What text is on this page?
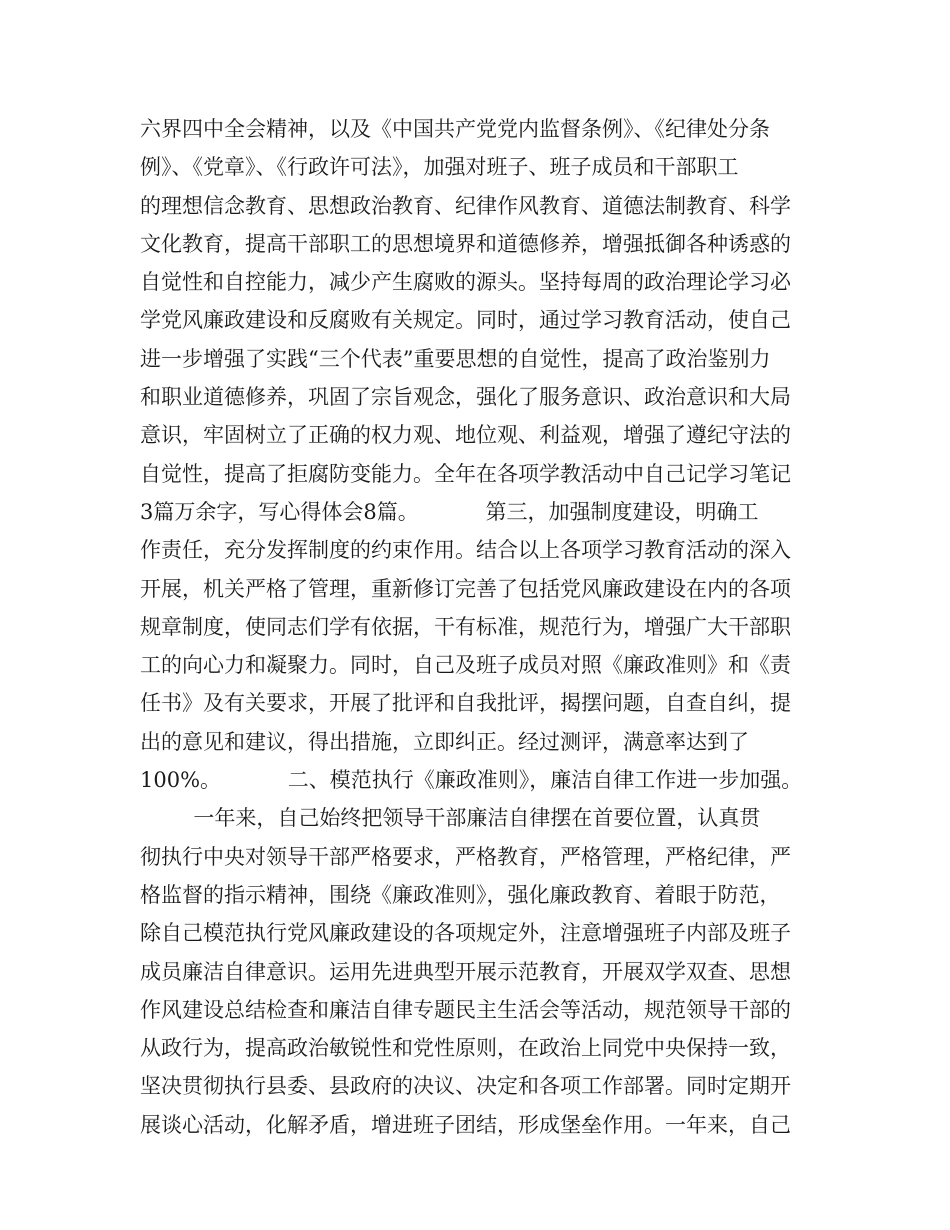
六界四中全会精神，以及《中国共产党党内监督条例》、《纪律处分条
例》、《党章》、《行政许可法》，加强对班子、班子成员和干部职工
的理想信念教育、思想政治教育、纪律作风教育、道德法制教育、科学
文化教育，提高干部职工的思想境界和道德修养，增强抵御各种诱惑的
自觉性和自控能力，减少产生腐败的源头。坚持每周的政治理论学习必
学党风廉政建设和反腐败有关规定。同时，通过学习教育活动，使自己
进一步增强了实践“三个代表”重要思想的自觉性，提高了政治鉴别力
和职业道德修养，巩固了宗旨观念，强化了服务意识、政治意识和大局
意识，牢固树立了正确的权力观、地位观、利益观，增强了遵纪守法的
自觉性，提高了拒腐防变能力。全年在各项学教活动中自己记学习笔记
3篇万余字，写心得体会8篇。          第三，加强制度建设，明确工
作责任，充分发挥制度的约束作用。结合以上各项学习教育活动的深入
开展，机关严格了管理，重新修订完善了包括党风廉政建设在内的各项
规章制度，使同志们学有依据，干有标准，规范行为，增强广大干部职
工的向心力和凝聚力。同时，自己及班子成员对照《廉政准则》和《责
任书》及有关要求，开展了批评和自我批评，揭摆问题，自查自纠，提
出的意见和建议，得出措施，立即纠正。经过测评，满意率达到了
100%。          二、模范执行《廉政准则》，廉洁自律工作进一步加强。
一年来，自己始终把领导干部廉洁自律摆在首要位置，认真贯
彻执行中央对领导干部严格要求，严格教育，严格管理，严格纪律，严
格监督的指示精神，围绕《廉政准则》，强化廉政教育、着眼于防范，
除自己模范执行党风廉政建设的各项规定外，注意增强班子内部及班子
成员廉洁自律意识。运用先进典型开展示范教育，开展双学双查、思想
作风建设总结检查和廉洁自律专题民主生活会等活动，规范领导干部的
从政行为，提高政治敏锐性和党性原则，在政治上同党中央保持一致，
坚决贯彻执行县委、县政府的决议、决定和各项工作部署。同时定期开
展谈心活动，化解矛盾，增进班子团结，形成堡垒作用。一年来，自己
